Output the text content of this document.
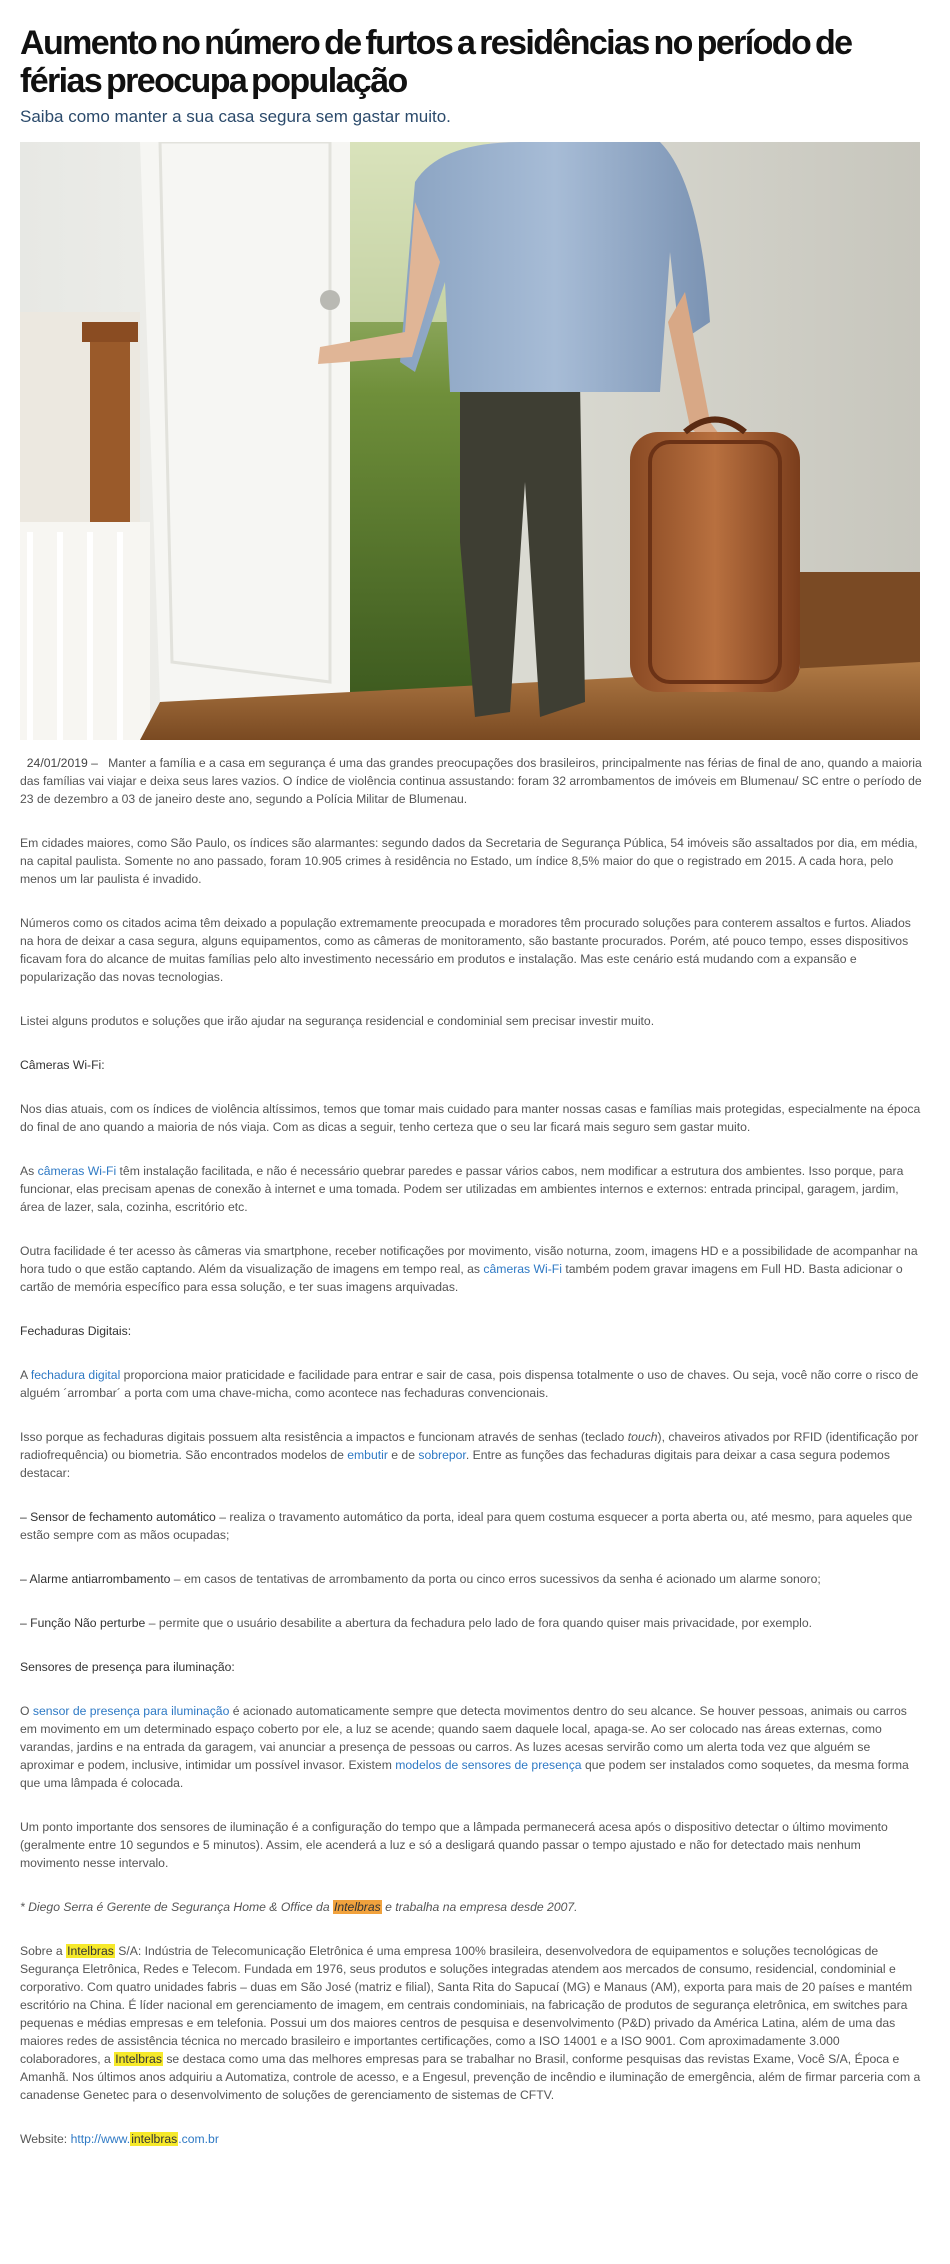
Aumento no número de furtos a residências no período de férias preocupa população
Saiba como manter a sua casa segura sem gastar muito.

24/01/2019 – Manter a família e a casa em segurança é uma das grandes preocupações dos brasileiros, principalmente nas férias de final de ano, quando a maioria das famílias vai viajar e deixa seus lares vazios. O índice de violência continua assustando: foram 32 arrombamentos de imóveis em Blumenau/ SC entre o período de 23 de dezembro a 03 de janeiro deste ano, segundo a Polícia Militar de Blumenau.

Em cidades maiores, como São Paulo, os índices são alarmantes: segundo dados da Secretaria de Segurança Pública, 54 imóveis são assaltados por dia, em média, na capital paulista. Somente no ano passado, foram 10.905 crimes à residência no Estado, um índice 8,5% maior do que o registrado em 2015. A cada hora, pelo menos um lar paulista é invadido.

Números como os citados acima têm deixado a população extremamente preocupada e moradores têm procurado soluções para conterem assaltos e furtos. Aliados na hora de deixar a casa segura, alguns equipamentos, como as câmeras de monitoramento, são bastante procurados. Porém, até pouco tempo, esses dispositivos ficavam fora do alcance de muitas famílias pelo alto investimento necessário em produtos e instalação. Mas este cenário está mudando com a expansão e popularização das novas tecnologias.

Listei alguns produtos e soluções que irão ajudar na segurança residencial e condominial sem precisar investir muito.

Câmeras Wi-Fi:

Nos dias atuais, com os índices de violência altíssimos, temos que tomar mais cuidado para manter nossas casas e famílias mais protegidas, especialmente na época do final de ano quando a maioria de nós viaja. Com as dicas a seguir, tenho certeza que o seu lar ficará mais seguro sem gastar muito.

As câmeras Wi-Fi têm instalação facilitada, e não é necessário quebrar paredes e passar vários cabos, nem modificar a estrutura dos ambientes. Isso porque, para funcionar, elas precisam apenas de conexão à internet e uma tomada. Podem ser utilizadas em ambientes internos e externos: entrada principal, garagem, jardim, área de lazer, sala, cozinha, escritório etc.

Outra facilidade é ter acesso às câmeras via smartphone, receber notificações por movimento, visão noturna, zoom, imagens HD e a possibilidade de acompanhar na hora tudo o que estão captando. Além da visualização de imagens em tempo real, as câmeras Wi-Fi também podem gravar imagens em Full HD. Basta adicionar o cartão de memória específico para essa solução, e ter suas imagens arquivadas.

Fechaduras Digitais:

A fechadura digital proporciona maior praticidade e facilidade para entrar e sair de casa, pois dispensa totalmente o uso de chaves. Ou seja, você não corre o risco de alguém ´arrombar´ a porta com uma chave-micha, como acontece nas fechaduras convencionais.

Isso porque as fechaduras digitais possuem alta resistência a impactos e funcionam através de senhas (teclado touch), chaveiros ativados por RFID (identificação por radiofrequência) ou biometria. São encontrados modelos de embutir e de sobrepor. Entre as funções das fechaduras digitais para deixar a casa segura podemos destacar:

– Sensor de fechamento automático – realiza o travamento automático da porta, ideal para quem costuma esquecer a porta aberta ou, até mesmo, para aqueles que estão sempre com as mãos ocupadas;

– Alarme antiarrombamento – em casos de tentativas de arrombamento da porta ou cinco erros sucessivos da senha é acionado um alarme sonoro;

– Função Não perturbe – permite que o usuário desabilite a abertura da fechadura pelo lado de fora quando quiser mais privacidade, por exemplo.

Sensores de presença para iluminação:

O sensor de presença para iluminação é acionado automaticamente sempre que detecta movimentos dentro do seu alcance. Se houver pessoas, animais ou carros em movimento em um determinado espaço coberto por ele, a luz se acende; quando saem daquele local, apaga-se. Ao ser colocado nas áreas externas, como varandas, jardins e na entrada da garagem, vai anunciar a presença de pessoas ou carros. As luzes acesas servirão como um alerta toda vez que alguém se aproximar e podem, inclusive, intimidar um possível invasor. Existem modelos de sensores de presença que podem ser instalados como soquetes, da mesma forma que uma lâmpada é colocada.

Um ponto importante dos sensores de iluminação é a configuração do tempo que a lâmpada permanecerá acesa após o dispositivo detectar o último movimento (geralmente entre 10 segundos e 5 minutos). Assim, ele acenderá a luz e só a desligará quando passar o tempo ajustado e não for detectado mais nenhum movimento nesse intervalo.

* Diego Serra é Gerente de Segurança Home & Office da Intelbras e trabalha na empresa desde 2007.

Sobre a Intelbras S/A: Indústria de Telecomunicação Eletrônica é uma empresa 100% brasileira, desenvolvedora de equipamentos e soluções tecnológicas de Segurança Eletrônica, Redes e Telecom. Fundada em 1976, seus produtos e soluções integradas atendem aos mercados de consumo, residencial, condominial e corporativo. Com quatro unidades fabris – duas em São José (matriz e filial), Santa Rita do Sapucaí (MG) e Manaus (AM), exporta para mais de 20 países e mantém escritório na China. É líder nacional em gerenciamento de imagem, em centrais condominiais, na fabricação de produtos de segurança eletrônica, em switches para pequenas e médias empresas e em telefonia. Possui um dos maiores centros de pesquisa e desenvolvimento (P&D) privado da América Latina, além de uma das maiores redes de assistência técnica no mercado brasileiro e importantes certificações, como a ISO 14001 e a ISO 9001. Com aproximadamente 3.000 colaboradores, a Intelbras se destaca como uma das melhores empresas para se trabalhar no Brasil, conforme pesquisas das revistas Exame, Você S/A, Época e Amanhã. Nos últimos anos adquiriu a Automatiza, controle de acesso, e a Engesul, prevenção de incêndio e iluminação de emergência, além de firmar parceria com a canadense Genetec para o desenvolvimento de soluções de gerenciamento de sistemas de CFTV.

Website: http://www.intelbras.com.br
